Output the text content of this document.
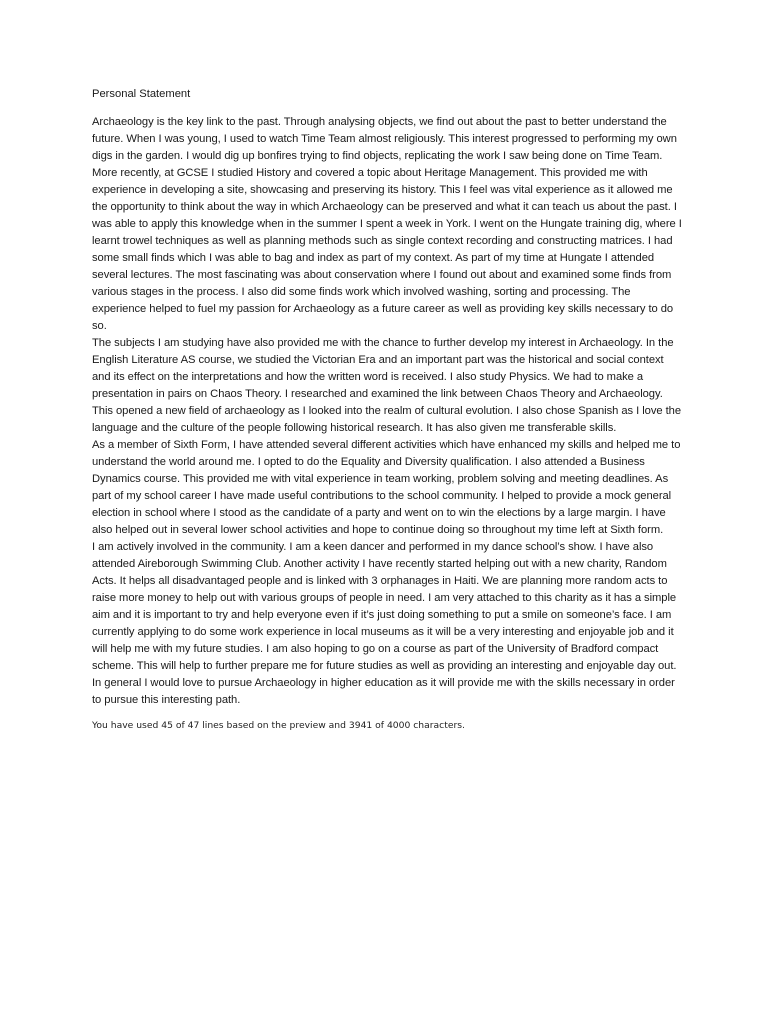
Personal Statement

Archaeology is the key link to the past. Through analysing objects, we find out about the past to better understand the future. When I was young, I used to watch Time Team almost religiously. This interest progressed to performing my own digs in the garden. I would dig up bonfires trying to find objects, replicating the work I saw being done on Time Team.

More recently, at GCSE I studied History and covered a topic about Heritage Management. This provided me with experience in developing a site, showcasing and preserving its history. This I feel was vital experience as it allowed me the opportunity to think about the way in which Archaeology can be preserved and what it can teach us about the past. I was able to apply this knowledge when in the summer I spent a week in York. I went on the Hungate training dig, where I learnt trowel techniques as well as planning methods such as single context recording and constructing matrices. I had some small finds which I was able to bag and index as part of my context. As part of my time at Hungate I attended several lectures. The most fascinating was about conservation where I found out about and examined some finds from various stages in the process. I also did some finds work which involved washing, sorting and processing. The experience helped to fuel my passion for Archaeology as a future career as well as providing key skills necessary to do so.

The subjects I am studying have also provided me with the chance to further develop my interest in Archaeology. In the English Literature AS course, we studied the Victorian Era and an important part was the historical and social context and its effect on the interpretations and how the written word is received. I also study Physics. We had to make a presentation in pairs on Chaos Theory. I researched and examined the link between Chaos Theory and Archaeology. This opened a new field of archaeology as I looked into the realm of cultural evolution. I also chose Spanish as I love the language and the culture of the people following historical research. It has also given me transferable skills.

As a member of Sixth Form, I have attended several different activities which have enhanced my skills and helped me to understand the world around me. I opted to do the Equality and Diversity qualification. I also attended a Business Dynamics course. This provided me with vital experience in team working, problem solving and meeting deadlines. As part of my school career I have made useful contributions to the school community. I helped to provide a mock general election in school where I stood as the candidate of a party and went on to win the elections by a large margin. I have also helped out in several lower school activities and hope to continue doing so throughout my time left at Sixth form.

I am actively involved in the community. I am a keen dancer and performed in my dance school’s show. I have also attended Aireborough Swimming Club. Another activity I have recently started helping out with a new charity, Random Acts. It helps all disadvantaged people and is linked with 3 orphanages in Haiti. We are planning more random acts to raise more money to help out with various groups of people in need. I am very attached to this charity as it has a simple aim and it is important to try and help everyone even if it’s just doing something to put a smile on someone’s face. I am currently applying to do some work experience in local museums as it will be a very interesting and enjoyable job and it will help me with my future studies. I am also hoping to go on a course as part of the University of Bradford compact scheme. This will help to further prepare me for future studies as well as providing an interesting and enjoyable day out.

In general I would love to pursue Archaeology in higher education as it will provide me with the skills necessary in order to pursue this interesting path.

You have used 45 of 47 lines based on the preview and 3941 of 4000 characters.
